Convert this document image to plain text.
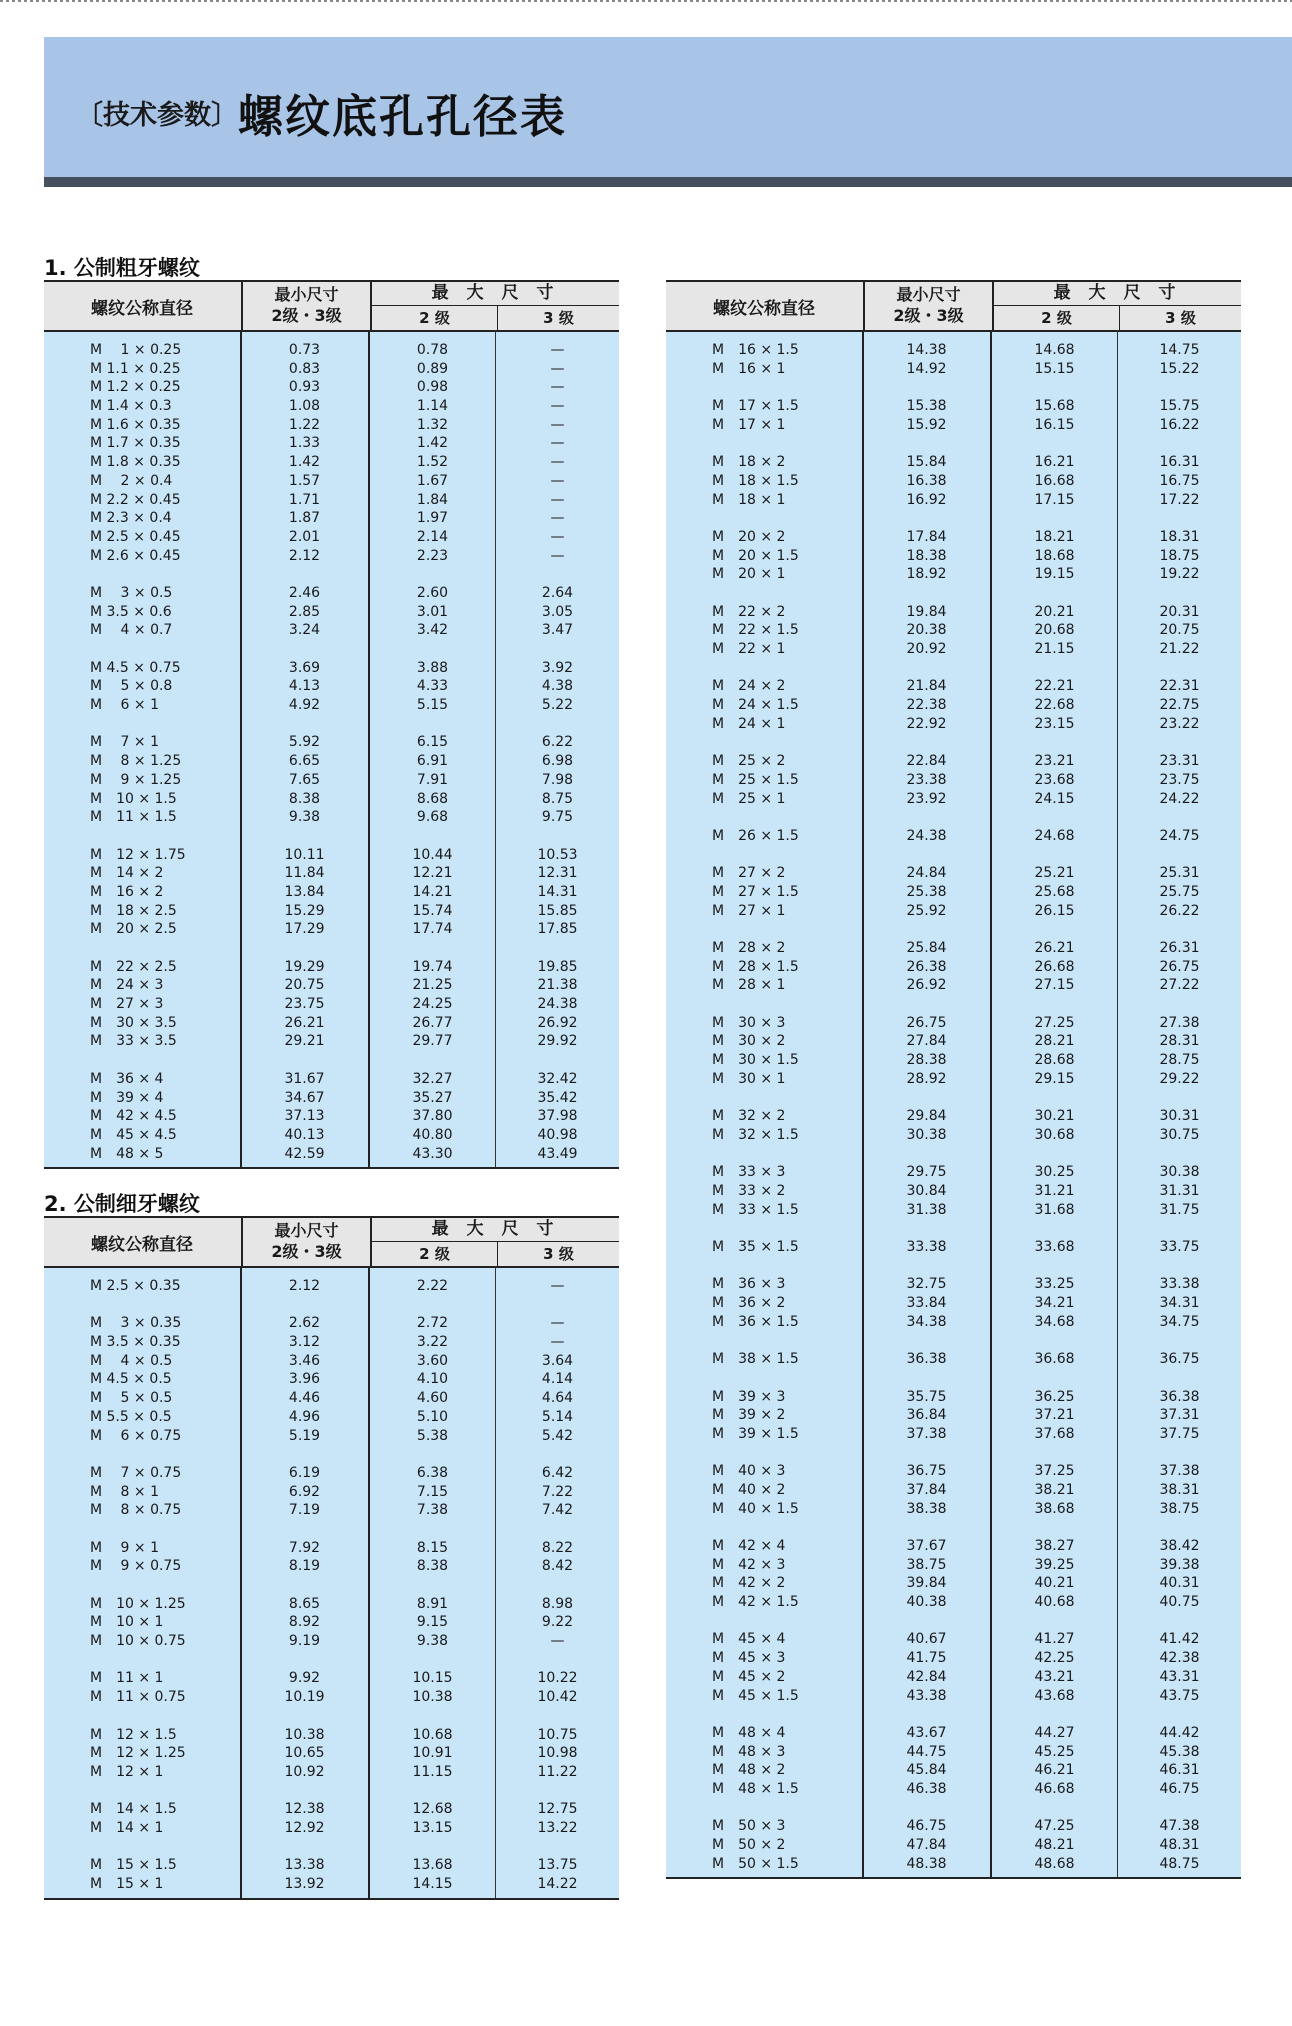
〔技术参数〕螺纹底孔孔径表
1. 公制粗牙螺纹
2. 公制细牙螺纹
螺纹公称直径
最小尺寸
2级・3级
最 大 尺 寸
2 级	3 级
M　 1 × 0.25	0.73	0.78	—
M 1.1 × 0.25	0.83	0.89	—
M 1.2 × 0.25	0.93	0.98	—
M 1.4 × 0.3	1.08	1.14	—
M 1.6 × 0.35	1.22	1.32	—
M 1.7 × 0.35	1.33	1.42	—
M 1.8 × 0.35	1.42	1.52	—
M　 2 × 0.4	1.57	1.67	—
M 2.2 × 0.45	1.71	1.84	—
M 2.3 × 0.4	1.87	1.97	—
M 2.5 × 0.45	2.01	2.14	—
M 2.6 × 0.45	2.12	2.23	—
M　 3 × 0.5	2.46	2.60	2.64
M 3.5 × 0.6	2.85	3.01	3.05
M　 4 × 0.7	3.24	3.42	3.47
M 4.5 × 0.75	3.69	3.88	3.92
M　 5 × 0.8	4.13	4.33	4.38
M　 6 × 1	4.92	5.15	5.22
M　 7 × 1	5.92	6.15	6.22
M　 8 × 1.25	6.65	6.91	6.98
M　 9 × 1.25	7.65	7.91	7.98
M　10 × 1.5	8.38	8.68	8.75
M　11 × 1.5	9.38	9.68	9.75
M　12 × 1.75	10.11	10.44	10.53
M　14 × 2	11.84	12.21	12.31
M　16 × 2	13.84	14.21	14.31
M　18 × 2.5	15.29	15.74	15.85
M　20 × 2.5	17.29	17.74	17.85
M　22 × 2.5	19.29	19.74	19.85
M　24 × 3	20.75	21.25	21.38
M　27 × 3	23.75	24.25	24.38
M　30 × 3.5	26.21	26.77	26.92
M　33 × 3.5	29.21	29.77	29.92
M　36 × 4	31.67	32.27	32.42
M　39 × 4	34.67	35.27	35.42
M　42 × 4.5	37.13	37.80	37.98
M　45 × 4.5	40.13	40.80	40.98
M　48 × 5	42.59	43.30	43.49
螺纹公称直径
最小尺寸
2级・3级
最 大 尺 寸
2 级	3 级
M 2.5 × 0.35	2.12	2.22	—
M　 3 × 0.35	2.62	2.72	—
M 3.5 × 0.35	3.12	3.22	—
M　 4 × 0.5	3.46	3.60	3.64
M 4.5 × 0.5	3.96	4.10	4.14
M　 5 × 0.5	4.46	4.60	4.64
M 5.5 × 0.5	4.96	5.10	5.14
M　 6 × 0.75	5.19	5.38	5.42
M　 7 × 0.75	6.19	6.38	6.42
M　 8 × 1	6.92	7.15	7.22
M　 8 × 0.75	7.19	7.38	7.42
M　 9 × 1	7.92	8.15	8.22
M　 9 × 0.75	8.19	8.38	8.42
M　10 × 1.25	8.65	8.91	8.98
M　10 × 1	8.92	9.15	9.22
M　10 × 0.75	9.19	9.38	—
M　11 × 1	9.92	10.15	10.22
M　11 × 0.75	10.19	10.38	10.42
M　12 × 1.5	10.38	10.68	10.75
M　12 × 1.25	10.65	10.91	10.98
M　12 × 1	10.92	11.15	11.22
M　14 × 1.5	12.38	12.68	12.75
M　14 × 1	12.92	13.15	13.22
M　15 × 1.5	13.38	13.68	13.75
M　15 × 1	13.92	14.15	14.22
螺纹公称直径
最小尺寸
2级・3级
最 大 尺 寸
2 级	3 级
M　16 × 1.5	14.38	14.68	14.75
M　16 × 1	14.92	15.15	15.22
M　17 × 1.5	15.38	15.68	15.75
M　17 × 1	15.92	16.15	16.22
M　18 × 2	15.84	16.21	16.31
M　18 × 1.5	16.38	16.68	16.75
M　18 × 1	16.92	17.15	17.22
M　20 × 2	17.84	18.21	18.31
M　20 × 1.5	18.38	18.68	18.75
M　20 × 1	18.92	19.15	19.22
M　22 × 2	19.84	20.21	20.31
M　22 × 1.5	20.38	20.68	20.75
M　22 × 1	20.92	21.15	21.22
M　24 × 2	21.84	22.21	22.31
M　24 × 1.5	22.38	22.68	22.75
M　24 × 1	22.92	23.15	23.22
M　25 × 2	22.84	23.21	23.31
M　25 × 1.5	23.38	23.68	23.75
M　25 × 1	23.92	24.15	24.22
M　26 × 1.5	24.38	24.68	24.75
M　27 × 2	24.84	25.21	25.31
M　27 × 1.5	25.38	25.68	25.75
M　27 × 1	25.92	26.15	26.22
M　28 × 2	25.84	26.21	26.31
M　28 × 1.5	26.38	26.68	26.75
M　28 × 1	26.92	27.15	27.22
M　30 × 3	26.75	27.25	27.38
M　30 × 2	27.84	28.21	28.31
M　30 × 1.5	28.38	28.68	28.75
M　30 × 1	28.92	29.15	29.22
M　32 × 2	29.84	30.21	30.31
M　32 × 1.5	30.38	30.68	30.75
M　33 × 3	29.75	30.25	30.38
M　33 × 2	30.84	31.21	31.31
M　33 × 1.5	31.38	31.68	31.75
M　35 × 1.5	33.38	33.68	33.75
M　36 × 3	32.75	33.25	33.38
M　36 × 2	33.84	34.21	34.31
M　36 × 1.5	34.38	34.68	34.75
M　38 × 1.5	36.38	36.68	36.75
M　39 × 3	35.75	36.25	36.38
M　39 × 2	36.84	37.21	37.31
M　39 × 1.5	37.38	37.68	37.75
M　40 × 3	36.75	37.25	37.38
M　40 × 2	37.84	38.21	38.31
M　40 × 1.5	38.38	38.68	38.75
M　42 × 4	37.67	38.27	38.42
M　42 × 3	38.75	39.25	39.38
M　42 × 2	39.84	40.21	40.31
M　42 × 1.5	40.38	40.68	40.75
M　45 × 4	40.67	41.27	41.42
M　45 × 3	41.75	42.25	42.38
M　45 × 2	42.84	43.21	43.31
M　45 × 1.5	43.38	43.68	43.75
M　48 × 4	43.67	44.27	44.42
M　48 × 3	44.75	45.25	45.38
M　48 × 2	45.84	46.21	46.31
M　48 × 1.5	46.38	46.68	46.75
M　50 × 3	46.75	47.25	47.38
M　50 × 2	47.84	48.21	48.31
M　50 × 1.5	48.38	48.68	48.75
